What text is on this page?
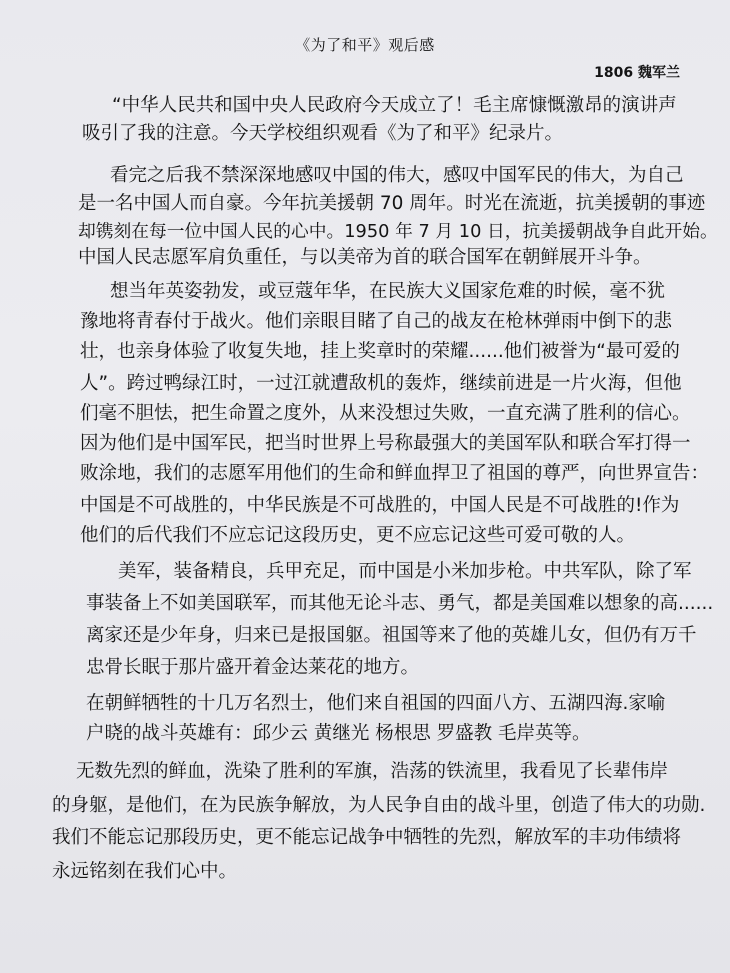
《为了和平》观后感
1806 魏军兰
“中华人民共和国中央人民政府今天成立了！毛主席慷慨激昂的演讲声
吸引了我的注意。今天学校组织观看《为了和平》纪录片。
看完之后我不禁深深地感叹中国的伟大，感叹中国军民的伟大，为自己
是一名中国人而自豪。今年抗美援朝 70 周年。时光在流逝，抗美援朝的事迹
却镌刻在每一位中国人民的心中。1950 年 7 月 10 日，抗美援朝战争自此开始。
中国人民志愿军肩负重任，与以美帝为首的联合国军在朝鲜展开斗争。
想当年英姿勃发，或豆蔻年华，在民族大义国家危难的时候，毫不犹
豫地将青春付于战火。他们亲眼目睹了自己的战友在枪林弹雨中倒下的悲
壮，也亲身体验了收复失地，挂上奖章时的荣耀......他们被誉为“最可爱的
人”。跨过鸭绿江时，一过江就遭敌机的轰炸，继续前进是一片火海，但他
们毫不胆怯，把生命置之度外，从来没想过失败，一直充满了胜利的信心。
因为他们是中国军民，把当时世界上号称最强大的美国军队和联合军打得一
败涂地，我们的志愿军用他们的生命和鲜血捍卫了祖国的尊严，向世界宣告：
中国是不可战胜的，中华民族是不可战胜的，中国人民是不可战胜的!作为
他们的后代我们不应忘记这段历史，更不应忘记这些可爱可敬的人。
美军，装备精良，兵甲充足，而中国是小米加步枪。中共军队，除了军
事装备上不如美国联军，而其他无论斗志、勇气，都是美国难以想象的高......
离家还是少年身，归来已是报国躯。祖国等来了他的英雄儿女，但仍有万千
忠骨长眠于那片盛开着金达莱花的地方。
在朝鲜牺牲的十几万名烈士，他们来自祖国的四面八方、五湖四海.家喻
户晓的战斗英雄有：邱少云 黄继光 杨根思 罗盛教 毛岸英等。
无数先烈的鲜血，洗染了胜利的军旗，浩荡的铁流里，我看见了长辈伟岸
的身躯，是他们，在为民族争解放，为人民争自由的战斗里，创造了伟大的功勋.
我们不能忘记那段历史，更不能忘记战争中牺牲的先烈，解放军的丰功伟绩将
永远铭刻在我们心中。
